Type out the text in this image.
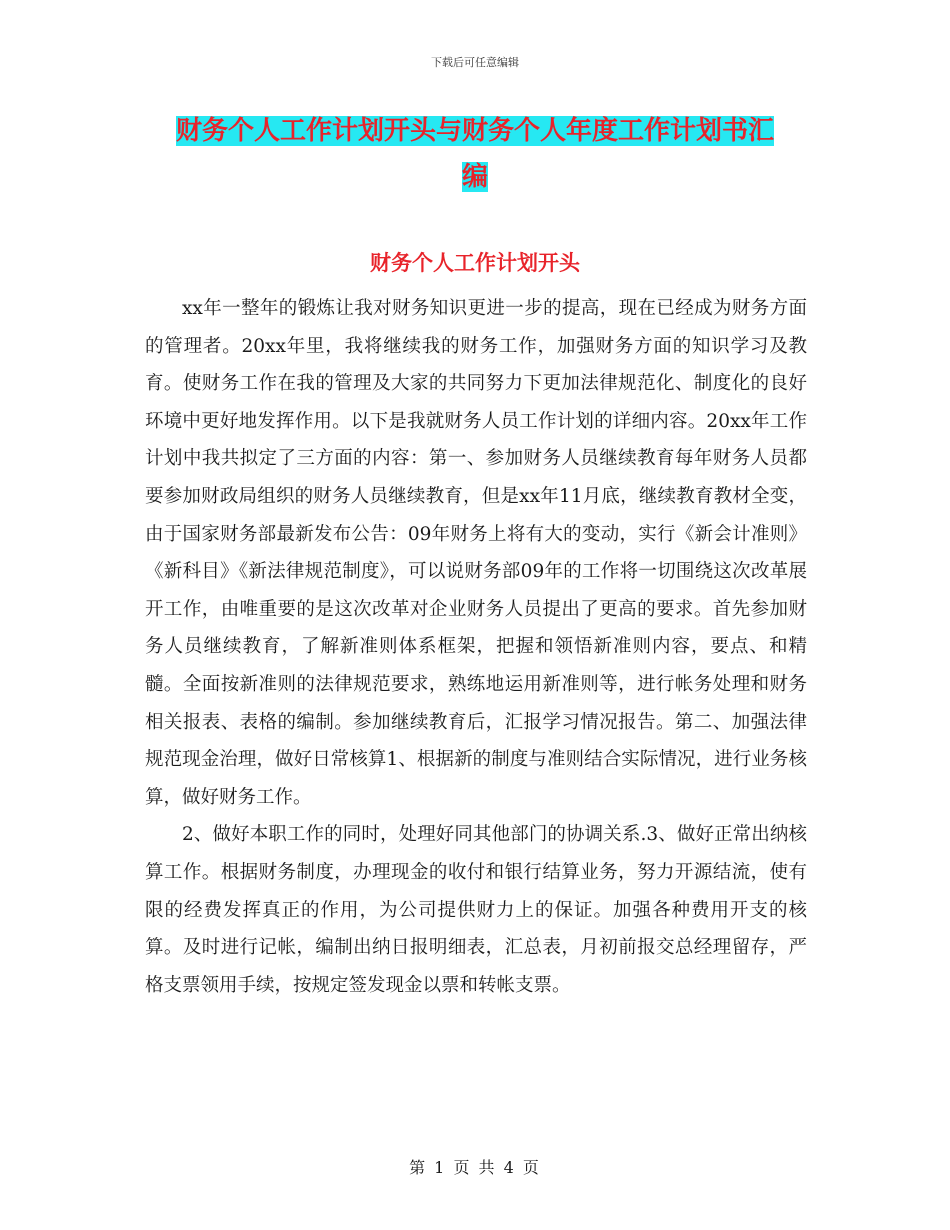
下载后可任意编辑
财务个人工作计划开头与财务个人年度工作计划书汇
编
财务个人工作计划开头

xx年一整年的锻炼让我对财务知识更进一步的提高，现在已经成为财务方面的管理者。20xx年里，我将继续我的财务工作，加强财务方面的知识学习及教育。使财务工作在我的管理及大家的共同努力下更加法律规范化、制度化的良好环境中更好地发挥作用。以下是我就财务人员工作计划的详细内容。20xx年工作计划中我共拟定了三方面的内容：第一、参加财务人员继续教育每年财务人员都要参加财政局组织的财务人员继续教育，但是xx年11月底，继续教育教材全变，由于国家财务部最新发布公告：09年财务上将有大的变动，实行《新会计准则》《新科目》《新法律规范制度》，可以说财务部09年的工作将一切围绕这次改革展开工作，由唯重要的是这次改革对企业财务人员提出了更高的要求。首先参加财务人员继续教育，了解新准则体系框架，把握和领悟新准则内容，要点、和精髓。全面按新准则的法律规范要求，熟练地运用新准则等，进行帐务处理和财务相关报表、表格的编制。参加继续教育后，汇报学习情况报告。第二、加强法律规范现金治理，做好日常核算1、根据新的制度与准则结合实际情况，进行业务核算，做好财务工作。

2、做好本职工作的同时，处理好同其他部门的协调关系.3、做好正常出纳核算工作。根据财务制度，办理现金的收付和银行结算业务，努力开源结流，使有限的经费发挥真正的作用，为公司提供财力上的保证。加强各种费用开支的核算。及时进行记帐，编制出纳日报明细表，汇总表，月初前报交总经理留存，严格支票领用手续，按规定签发现金以票和转帐支票。

第 1 页 共 4 页
